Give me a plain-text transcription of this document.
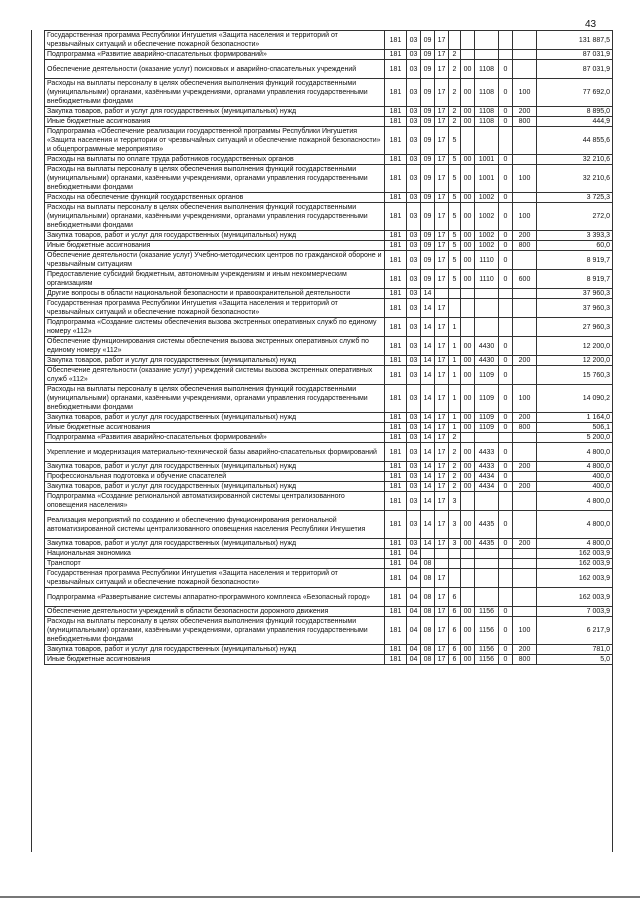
43
Государственная программа Республики Ингушетия «Защита населения и территорий от чрезвычайных ситуаций и обеспечение пожарной безопасности»	181	03	09	17						131 887,5
Подпрограмма «Развитие аварийно-спасательных формирований»	181	03	09	17	2					87 031,9
Обеспечение деятельности (оказание услуг) поисковых и аварийно-спасательных учреждений	181	03	09	17	2	00	1108	0		87 031,9
Расходы на выплаты персоналу в целях обеспечения выполнения функций государственными (муниципальными) органами, казёнными учреждениями, органами управления государственными внебюджетными фондами	181	03	09	17	2	00	1108	0	100	77 692,0
Закупка товаров, работ и услуг для государственных (муниципальных) нужд	181	03	09	17	2	00	1108	0	200	8 895,0
Иные бюджетные ассигнования	181	03	09	17	2	00	1108	0	800	444,9
Подпрограмма «Обеспечение реализации государственной программы Республики Ингушетия «Защита населения и территории от чрезвычайных ситуаций и обеспечение пожарной безопасности» и общепрограммные мероприятия»	181	03	09	17	5					44 855,6
Расходы на выплаты по оплате труда работников государственных органов	181	03	09	17	5	00	1001	0		32 210,6
Расходы на выплаты персоналу в целях обеспечения выполнения функций государственными (муниципальными) органами, казёнными учреждениями, органами управления государственными внебюджетными фондами	181	03	09	17	5	00	1001	0	100	32 210,6
Расходы на обеспечение функций государственных органов	181	03	09	17	5	00	1002	0		3 725,3
Расходы на выплаты персоналу в целях обеспечения выполнения функций государственными (муниципальными) органами, казёнными учреждениями, органами управления государственными внебюджетными фондами	181	03	09	17	5	00	1002	0	100	272,0
Закупка товаров, работ и услуг для государственных (муниципальных) нужд	181	03	09	17	5	00	1002	0	200	3 393,3
Иные бюджетные ассигнования	181	03	09	17	5	00	1002	0	800	60,0
Обеспечение деятельности (оказание услуг) Учебно-методических центров по гражданской обороне и чрезвычайным ситуациям	181	03	09	17	5	00	1110	0		8 919,7
Предоставление субсидий бюджетным, автономным учреждениям и иным некоммерческим организациям	181	03	09	17	5	00	1110	0	600	8 919,7
Другие вопросы в области национальной безопасности и правоохранительной деятельности	181	03	14							37 960,3
Государственная программа Республики Ингушетия «Защита населения и территорий от чрезвычайных ситуаций и обеспечение пожарной безопасности»	181	03	14	17						37 960,3
Подпрограмма «Создание системы обеспечения вызова экстренных оперативных служб по единому номеру «112»	181	03	14	17	1					27 960,3
Обеспечение функционирования системы обеспечения вызова экстренных оперативных служб по единому номеру «112»	181	03	14	17	1	00	4430	0		12 200,0
Закупка товаров, работ и услуг для государственных (муниципальных) нужд	181	03	14	17	1	00	4430	0	200	12 200,0
Обеспечение деятельности (оказание услуг) учреждений системы вызова экстренных оперативных служб «112»	181	03	14	17	1	00	1109	0		15 760,3
Расходы на выплаты персоналу в целях обеспечения выполнения функций государственными (муниципальными) органами, казёнными учреждениями, органами управления государственными внебюджетными фондами	181	03	14	17	1	00	1109	0	100	14 090,2
Закупка товаров, работ и услуг для государственных (муниципальных) нужд	181	03	14	17	1	00	1109	0	200	1 164,0
Иные бюджетные ассигнования	181	03	14	17	1	00	1109	0	800	506,1
Подпрограмма «Развития аварийно-спасательных формирований»	181	03	14	17	2					5 200,0
Укрепление и модернизация материально-технической базы аварийно-спасательных формирований	181	03	14	17	2	00	4433	0		4 800,0
Закупка товаров, работ и услуг для государственных (муниципальных) нужд	181	03	14	17	2	00	4433	0	200	4 800,0
Профессиональная подготовка и обучение спасателей	181	03	14	17	2	00	4434	0		400,0
Закупка товаров, работ и услуг для государственных (муниципальных) нужд	181	03	14	17	2	00	4434	0	200	400,0
Подпрограмма «Создание региональной автоматизированной системы централизованного оповещения населения»	181	03	14	17	3					4 800,0
Реализация мероприятий по созданию и обеспечению функционирования региональной автоматизированной системы централизованного оповещения населения Республики Ингушетия	181	03	14	17	3	00	4435	0		4 800,0
Закупка товаров, работ и услуг для государственных (муниципальных) нужд	181	03	14	17	3	00	4435	0	200	4 800,0
Национальная экономика	181	04								162 003,9
Транспорт	181	04	08							162 003,9
Государственная программа Республики Ингушетия «Защита населения и территорий от чрезвычайных ситуаций и обеспечение пожарной безопасности»	181	04	08	17						162 003,9
Подпрограмма «Развертывание системы аппаратно-программного комплекса «Безопасный город»	181	04	08	17	6					162 003,9
Обеспечение деятельности учреждений в области безопасности дорожного движения	181	04	08	17	6	00	1156	0		7 003,9
Расходы на выплаты персоналу в целях обеспечения выполнения функций государственными (муниципальными) органами, казёнными учреждениями, органами управления государственными внебюджетными фондами	181	04	08	17	6	00	1156	0	100	6 217,9
Закупка товаров, работ и услуг для государственных (муниципальных) нужд	181	04	08	17	6	00	1156	0	200	781,0
Иные бюджетные ассигнования	181	04	08	17	6	00	1156	0	800	5,0
